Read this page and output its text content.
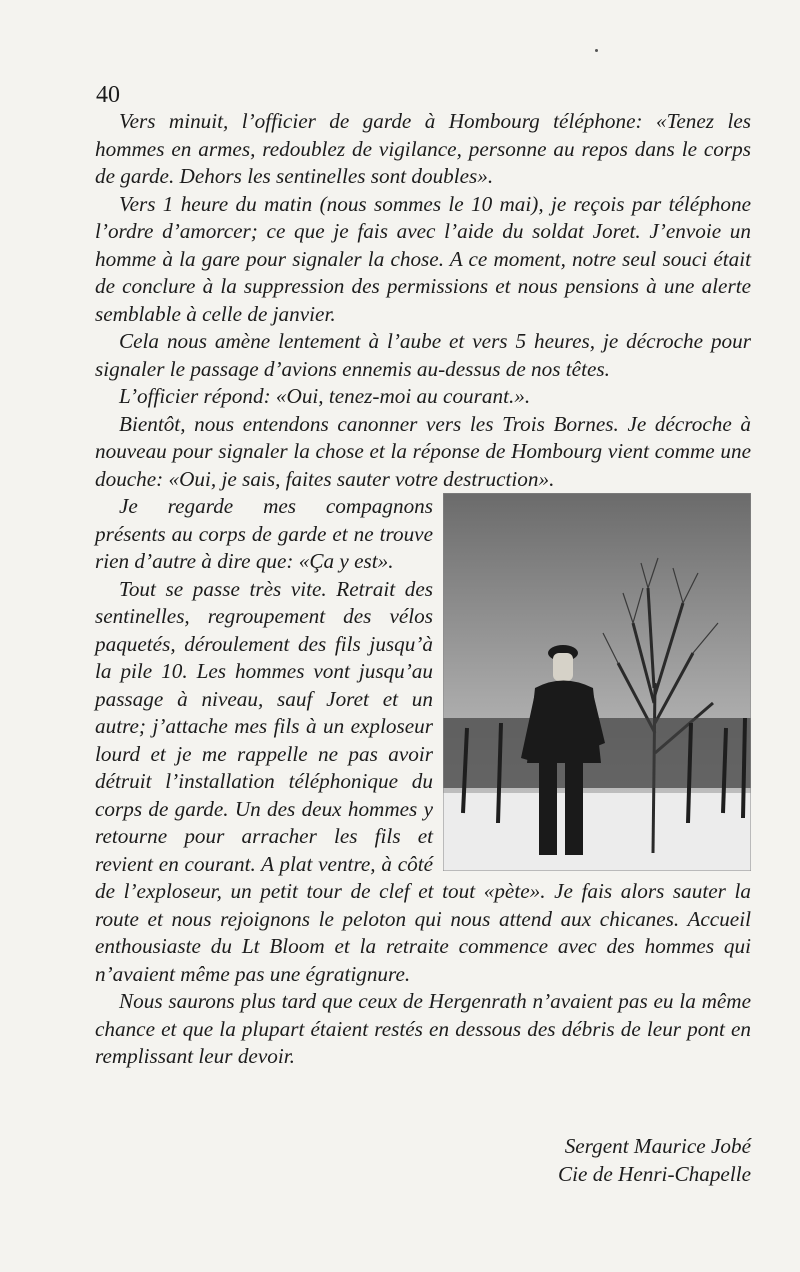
40

Vers minuit, l’officier de garde à Hombourg téléphone: «Tenez les hommes en armes, redoublez de vigilance, personne au repos dans le corps de garde. Dehors les sentinelles sont doubles».

Vers 1 heure du matin (nous sommes le 10 mai), je reçois par téléphone l’ordre d’amorcer; ce que je fais avec l’aide du soldat Joret. J’envoie un homme à la gare pour signaler la chose. A ce moment, notre seul souci était de conclure à la suppression des permissions et nous pensions à une alerte semblable à celle de janvier.

Cela nous amène lentement à l’aube et vers 5 heures, je décroche pour signaler le passage d’avions ennemis au-dessus de nos têtes.

L’officier répond: «Oui, tenez-moi au courant.».

Bientôt, nous entendons canonner vers les Trois Bornes. Je décroche à nouveau pour signaler la chose et la réponse de Hombourg vient comme une douche: «Oui, je sais, faites sauter votre destruction».

Je regarde mes compagnons présents au corps de garde et ne trouve rien d’autre à dire que: «Ça y est».

Tout se passe très vite. Retrait des sentinelles, regroupement des vélos paquetés, déroulement des fils jusqu’à la pile 10. Les hommes vont jusqu’au passage à niveau, sauf Joret et un autre; j’attache mes fils à un exploseur lourd et je me rappelle ne pas avoir détruit l’installation téléphonique du corps de garde. Un des deux hommes y retourne pour arracher les fils et revient en courant. A plat ventre, à côté de l’exploseur, un petit tour de clef et tout «pète». Je fais alors sauter la route et nous rejoignons le peloton qui nous attend aux chicanes. Accueil enthousiaste du Lt Bloom et la retraite commence avec des hommes qui n’avaient même pas une égratignure.

Nous saurons plus tard que ceux de Hergenrath n’avaient pas eu la même chance et que la plupart étaient restés en dessous des débris de leur pont en remplissant leur devoir.

Sergent Maurice Jobé
Cie de Henri-Chapelle
